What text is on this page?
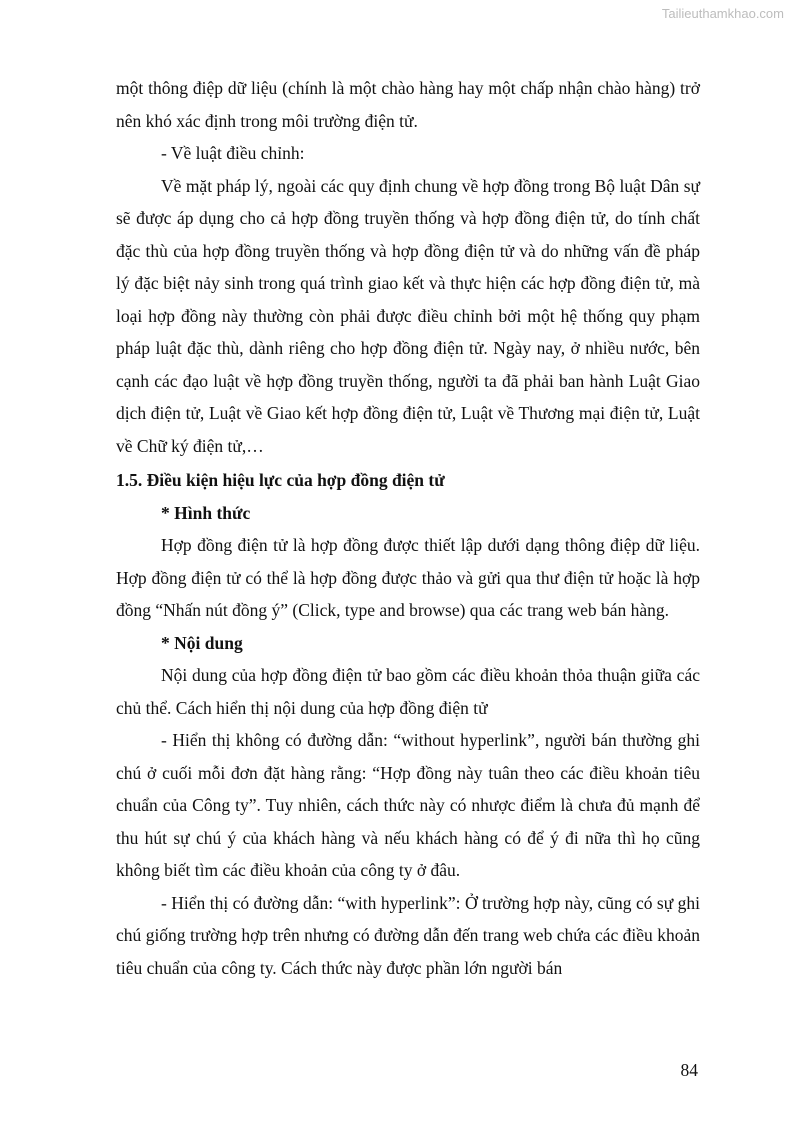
Tailieuthamkhao.com

một thông điệp dữ liệu (chính là một chào hàng hay một chấp nhận chào hàng) trở nên khó xác định trong môi trường điện tử.

- Về luật điều chỉnh:

Về mặt pháp lý, ngoài các quy định chung về hợp đồng trong Bộ luật Dân sự sẽ được áp dụng cho cả hợp đồng truyền thống và hợp đồng điện tử, do tính chất đặc thù của hợp đồng truyền thống và hợp đồng điện tử và do những vấn đề pháp lý đặc biệt nảy sinh trong quá trình giao kết và thực hiện các hợp đồng điện tử, mà loại hợp đồng này thường còn phải được điều chỉnh bởi một hệ thống quy phạm pháp luật đặc thù, dành riêng cho hợp đồng điện tử. Ngày nay, ở nhiều nước, bên cạnh các đạo luật về hợp đồng truyền thống, người ta đã phải ban hành Luật Giao dịch điện tử, Luật về Giao kết hợp đồng điện tử, Luật về Thương mại điện tử, Luật về Chữ ký điện tử,…

1.5. Điều kiện hiệu lực của hợp đồng điện tử

* Hình thức

Hợp đồng điện tử là hợp đồng được thiết lập dưới dạng thông điệp dữ liệu. Hợp đồng điện tử có thể là hợp đồng được thảo và gửi qua thư điện tử hoặc là hợp đồng “Nhấn nút đồng ý” (Click, type and browse) qua các trang web bán hàng.

* Nội dung

Nội dung của hợp đồng điện tử bao gồm các điều khoản thỏa thuận giữa các chủ thể. Cách hiển thị nội dung của hợp đồng điện tử

- Hiển thị không có đường dẫn: “without hyperlink”, người bán thường ghi chú ở cuối mỗi đơn đặt hàng rằng: “Hợp đồng này tuân theo các điều khoản tiêu chuẩn của Công ty”. Tuy nhiên, cách thức này có nhược điểm là chưa đủ mạnh để thu hút sự chú ý của khách hàng và nếu khách hàng có để ý đi nữa thì họ cũng không biết tìm các điều khoản của công ty ở đâu.

- Hiển thị có đường dẫn: “with hyperlink”: Ở trường hợp này, cũng có sự ghi chú giống trường hợp trên nhưng có đường dẫn đến trang web chứa các điều khoản tiêu chuẩn của công ty. Cách thức này được phần lớn người bán

84
